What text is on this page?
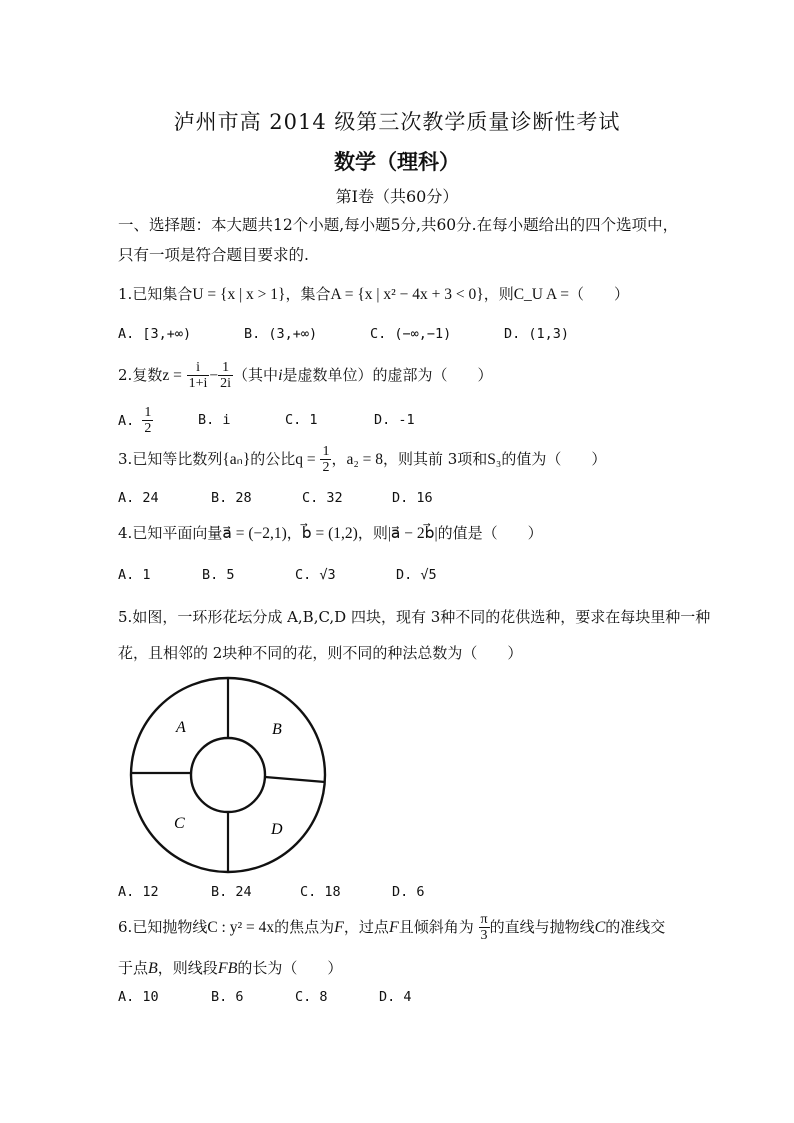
泸州市高 2014 级第三次教学质量诊断性考试
数学（理科）
第Ⅰ卷（共60分）
一、选择题：本大题共12个小题,每小题5分,共60分.在每小题给出的四个选项中，只有一项是符合题目要求的.
1.已知集合U = {x | x > 1}，集合A = {x | x² − 4x + 3 < 0}，则C_U A =（　　）
A. [3,+∞)	B. (3,+∞)	C. (−∞,−1)	D. (1,3)
2.复数$z = \frac{i}{1+i} - \frac{1}{2i}$ （其中i是虚数单位）的虚部为（　　）
A. $\frac{1}{2}$	B. i	C. 1	D. -1
3.已知等比数列{aₙ}的公比$q = \frac{1}{2}$ ，a₂ = 8，则其前 3项和S₃的值为（　　）
A. 24	B. 28	C. 32	D. 16
4.已知平面向量a⃗ = (−2,1)，b⃗ = (1,2)，则|a⃗ − 2b⃗|的值是（　　）
A. 1	B. 5	C. √3	D. √5
5.如图，一环形花坛分成 A,B,C,D 四块，现有 3种不同的花供选种，要求在每块里种一种
花，且相邻的 2块种不同的花，则不同的种法总数为（　　）
A	B
C	D
A. 12	B. 24	C. 18	D. 6
6.已知抛物线C : y² = 4x的焦点为F，过点F且倾斜角为 $\frac{\pi}{3}$ 的直线与抛物线C的准线交
于点B，则线段FB的长为（　　）
A. 10	B. 6	C. 8	D. 4
